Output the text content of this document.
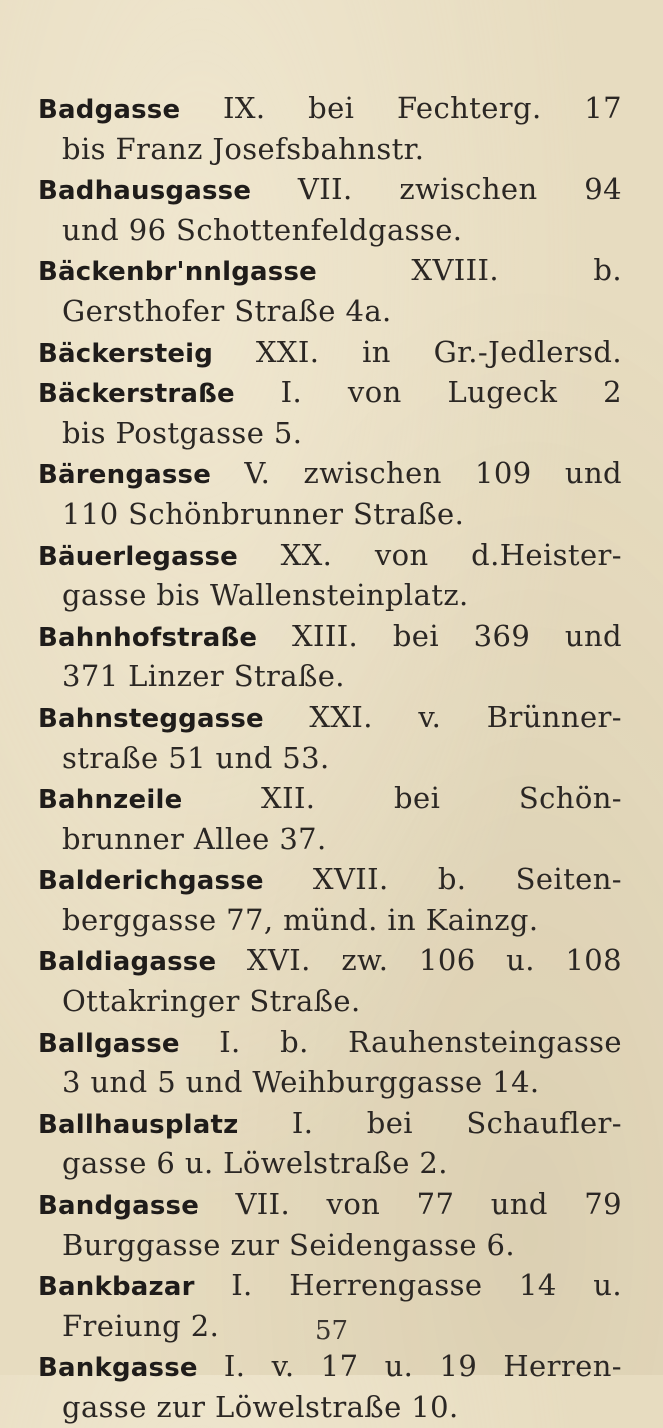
Badgasse IX. bei Fechterg. 17
bis Franz Josefsbahnstr.
Badhausgasse VII. zwischen 94
und 96 Schottenfeldgasse.
Bäckenbr'nnlgasse	XVIII. b.
Gersthofer Straße 4a.
Bäckersteig XXI. in Gr.-Jedlersd.
Bäckerstraße I. von Lugeck 2
bis Postgasse 5.
Bärengasse V. zwischen 109 und
110 Schönbrunner Straße.
Bäuerlegasse XX. von d.Heister-
gasse bis Wallensteinplatz.
Bahnhofstraße XIII. bei 369 und
371 Linzer Straße.
Bahnsteggasse XXI. v. Brünner-
straße 51 und 53.
Bahnzeile	XII. bei Schön-
brunner Allee 37.
Balderichgasse XVII. b. Seiten-
berggasse 77, münd. in Kainzg.
Baldiagasse XVI. zw. 106 u. 108
Ottakringer Straße.
Ballgasse I. b. Rauhensteingasse
3 und 5 und Weihburggasse 14.
Ballhausplatz I. bei Schaufler-
gasse 6 u. Löwelstraße 2.
Bandgasse VII. von 77 und 79
Burggasse zur Seidengasse 6.
Bankbazar I. Herrengasse 14 u.
Freiung 2.
Bankgasse I. v. 17 u. 19 Herren-
gasse zur Löwelstraße 10.
57
